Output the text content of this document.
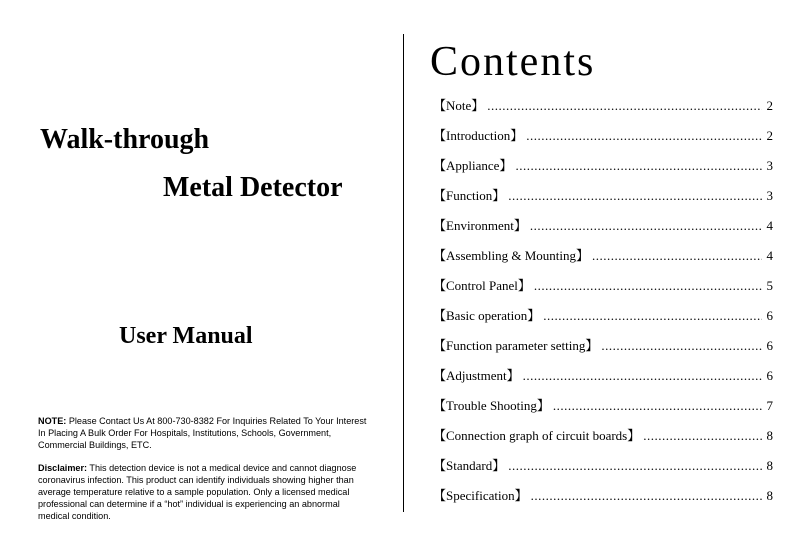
Walk-through
Metal Detector
User Manual

NOTE: Please Contact Us At 800-730-8382 For Inquiries Related To Your Interest In Placing A Bulk Order For Hospitals, Institutions, Schools, Government, Commercial Buildings, ETC.

Disclaimer: This detection device is not a medical device and cannot diagnose coronavirus infection. This product can identify individuals showing higher than average temperature relative to a sample population. Only a licensed medical professional can determine if a “hot” individual is experiencing an abnormal medical condition.

Contents
【Note】 .....	2
【Introduction】 .....	2
【Appliance】 .....	3
【Function】 .....	3
【Environment】 .....	4
【Assembling & Mounting】 .....	4
【Control Panel】 .....	5
【Basic operation】 .....	6
【Function parameter setting】 .....	6
【Adjustment】 .....	6
【Trouble Shooting】 .....	7
【Connection graph of circuit boards】 .....	8
【Standard】 .....	8
【Specification】 .....	8
